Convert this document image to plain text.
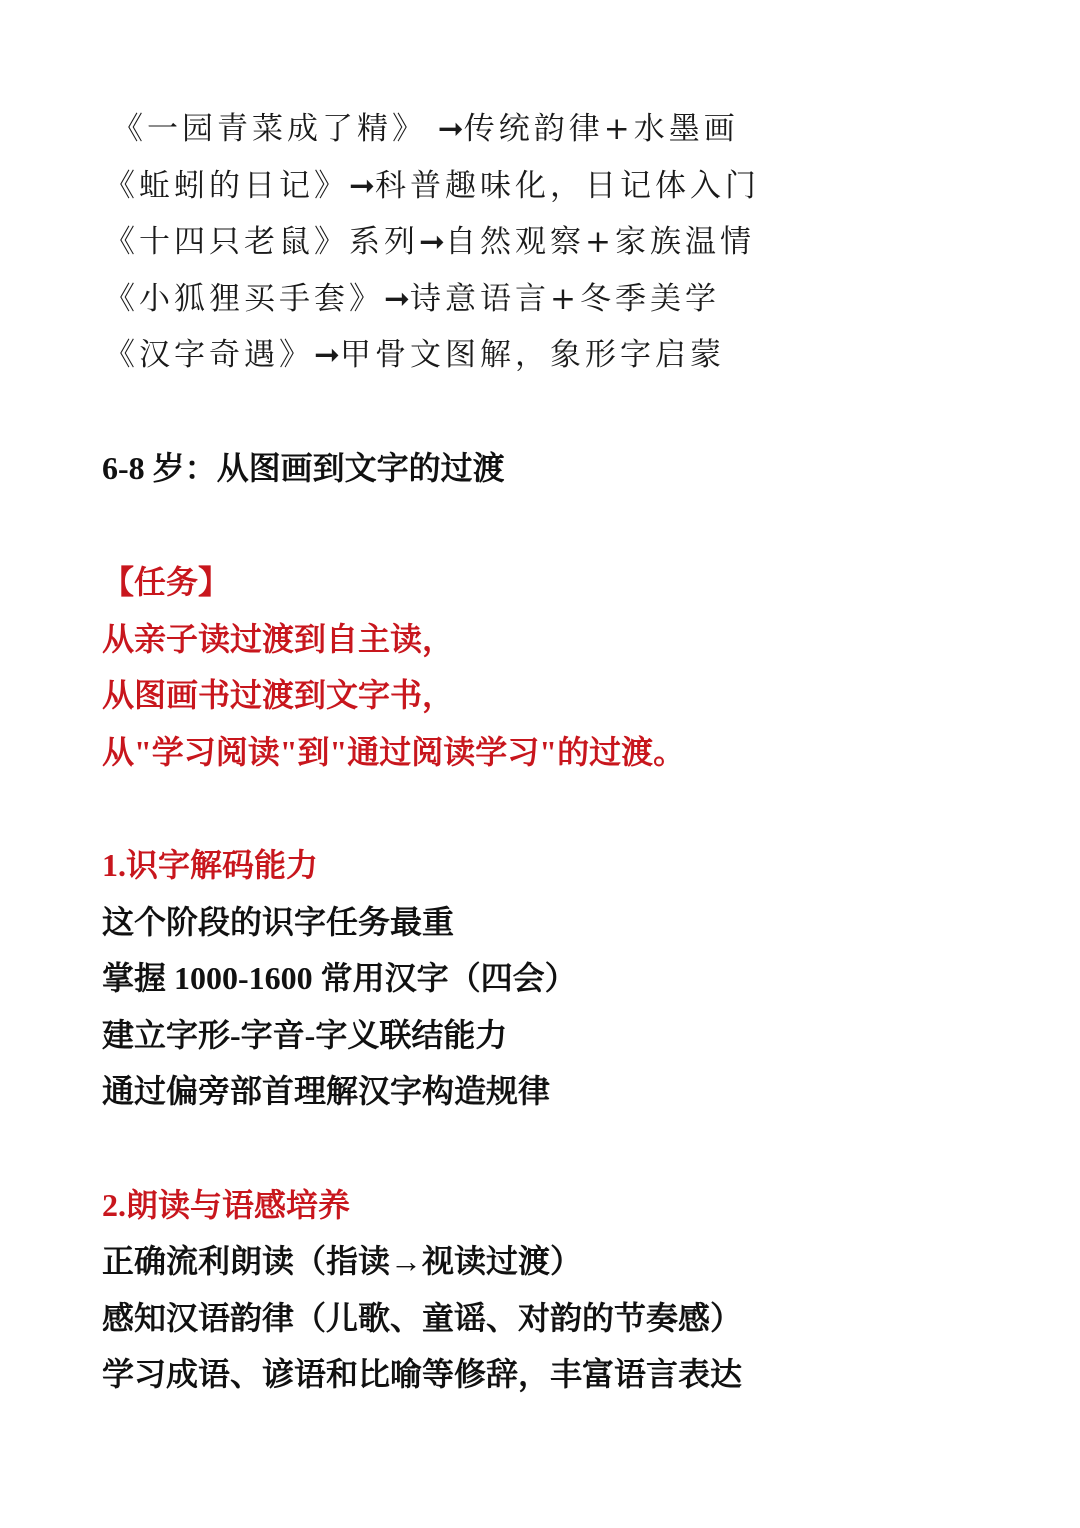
《一园青菜成了精》 ➞传统韵律+水墨画
《蚯蚓的日记》➞科普趣味化，日记体入门
《十四只老鼠》系列➞自然观察+家族温情
《小狐狸买手套》➞诗意语言+冬季美学
《汉字奇遇》➞甲骨文图解，象形字启蒙
6-8 岁：从图画到文字的过渡
【任务】
从亲子读过渡到自主读，
从图画书过渡到文字书，
从"学习阅读"到"通过阅读学习"的过渡。
1.识字解码能力
这个阶段的识字任务最重
掌握 1000-1600 常用汉字（四会）
建立字形-字音-字义联结能力
通过偏旁部首理解汉字构造规律
2.朗读与语感培养
正确流利朗读（指读→视读过渡）
感知汉语韵律（儿歌、童谣、对韵的节奏感）
学习成语、谚语和比喻等修辞，丰富语言表达
